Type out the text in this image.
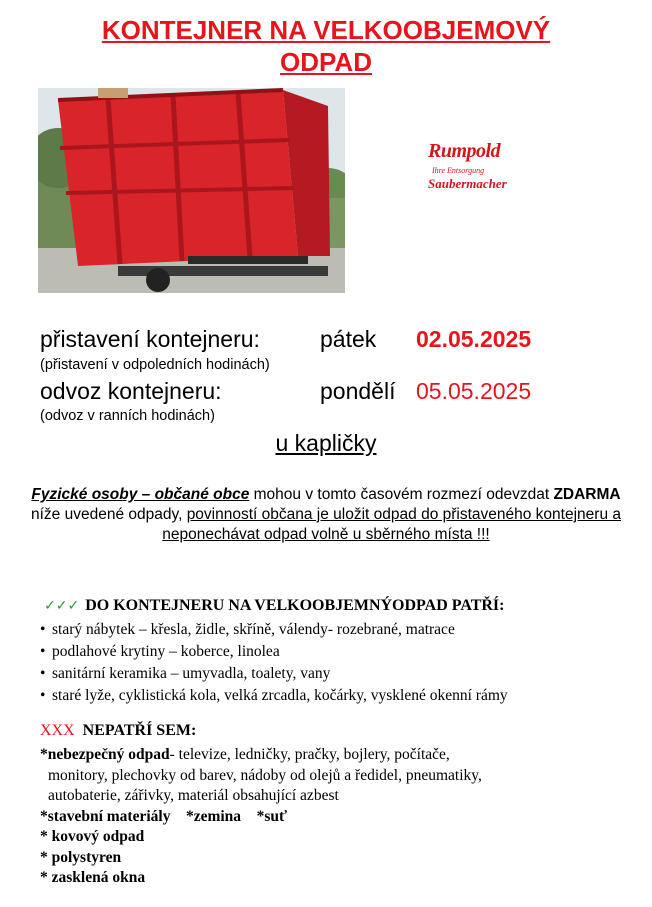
KONTEJNER NA VELKOOBJEMOVÝ
ODPAD
Rumpold
Ihre Entsorgung
Saubermacher
přistavení kontejneru:	pátek 02.05.2025
(přistavení v odpoledních hodinách)
odvoz kontejneru:	pondělí 05.05.2025
(odvoz v ranních hodinách)
u kapličky
Fyzické osoby – občané obce mohou v tomto časovém rozmezí odevzdat ZDARMA níže uvedené odpady, povinností občana je uložit odpad do přistaveného kontejneru a neponechávat odpad volně u sběrného místa !!!
✓✓✓ DO KONTEJNERU NA VELKOOBJEMNÝODPAD PATŘÍ:
• starý nábytek – křesla, židle, skříně, válendy- rozebrané, matrace
• podlahové krytiny – koberce, linolea
• sanitární keramika – umyvadla, toalety, vany
• staré lyže, cyklistická kola, velká zrcadla, kočárky, vysklené okenní rámy
XXX NEPATŘÍ SEM:
*nebezpečný odpad- televize, ledničky, pračky, bojlery, počítače,
monitory, plechovky od barev, nádoby od olejů a ředidel, pneumatiky,
autobaterie, zářivky, materiál obsahující azbest
*stavební materiály *zemina *suť
* kovový odpad
* polystyren
* zasklená okna
